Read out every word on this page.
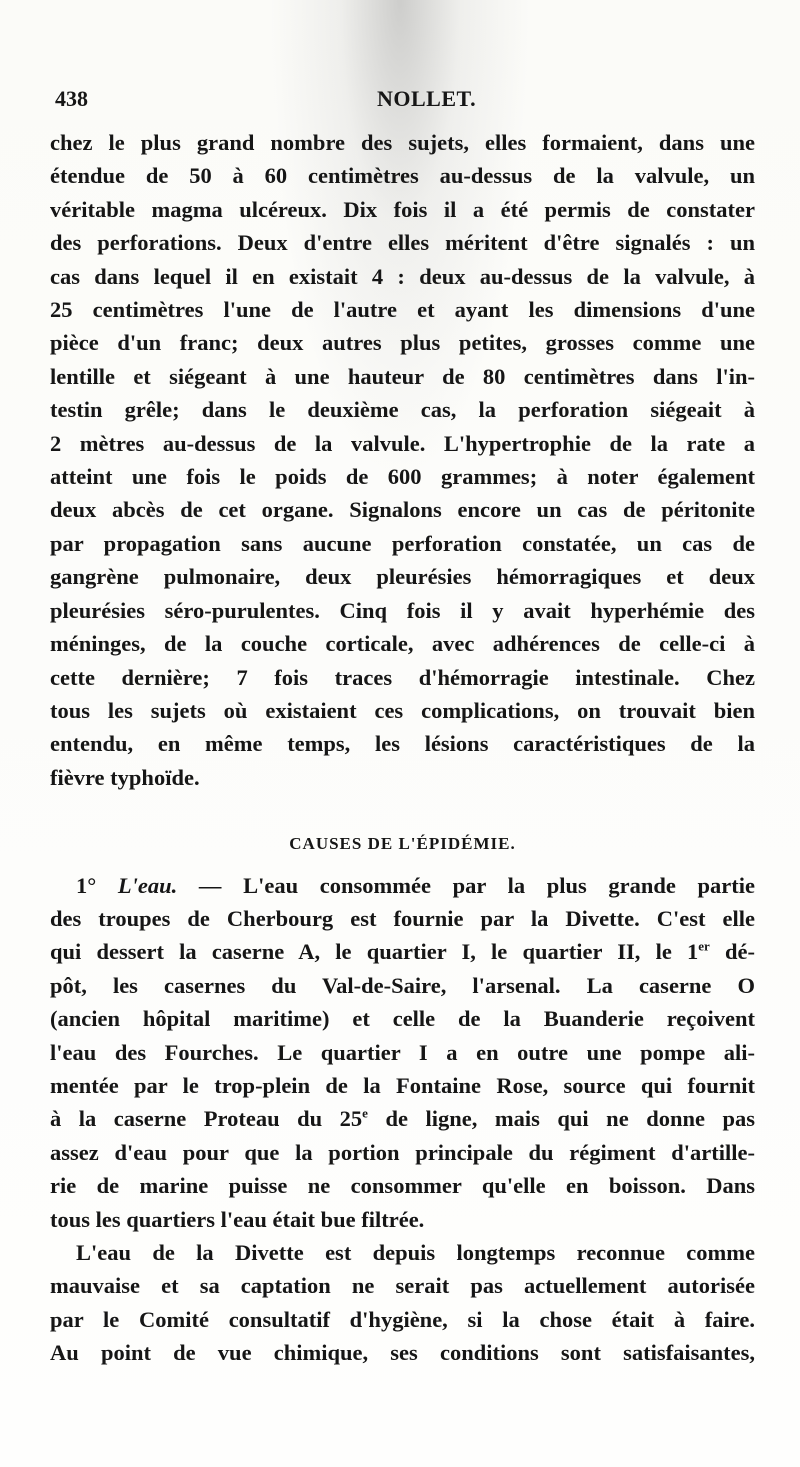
438	NOLLET.

chez le plus grand nombre des sujets, elles formaient, dans une

étendue de 50 à 60 centimètres au-dessus de la valvule, un

véritable magma ulcéreux. Dix fois il a été permis de constater

des perforations. Deux d'entre elles méritent d'être signalés : un

cas dans lequel il en existait 4 : deux au-dessus de la valvule, à

25 centimètres l'une de l'autre et ayant les dimensions d'une

pièce d'un franc; deux autres plus petites, grosses comme une

lentille et siégeant à une hauteur de 80 centimètres dans l'in-

testin grêle; dans le deuxième cas, la perforation siégeait à

2 mètres au-dessus de la valvule. L'hypertrophie de la rate a

atteint une fois le poids de 600 grammes; à noter également

deux abcès de cet organe. Signalons encore un cas de péritonite

par propagation sans aucune perforation constatée, un cas de

gangrène pulmonaire, deux pleurésies hémorragiques et deux

pleurésies séro-purulentes. Cinq fois il y avait hyperhémie des

méninges, de la couche corticale, avec adhérences de celle-ci à

cette dernière; 7 fois traces d'hémorragie intestinale. Chez

tous les sujets où existaient ces complications, on trouvait bien

entendu, en même temps, les lésions caractéristiques de la

fièvre typhoïde.

CAUSES DE L'ÉPIDÉMIE.

1° L'eau. — L'eau consommée par la plus grande partie

des troupes de Cherbourg est fournie par la Divette. C'est elle

qui dessert la caserne A, le quartier I, le quartier II, le 1er dé-

pôt, les casernes du Val-de-Saire, l'arsenal. La caserne O

(ancien hôpital maritime) et celle de la Buanderie reçoivent

l'eau des Fourches. Le quartier I a en outre une pompe ali-

mentée par le trop-plein de la Fontaine Rose, source qui fournit

à la caserne Proteau du 25e de ligne, mais qui ne donne pas

assez d'eau pour que la portion principale du régiment d'artille-

rie de marine puisse ne consommer qu'elle en boisson. Dans

tous les quartiers l'eau était bue filtrée.

L'eau de la Divette est depuis longtemps reconnue comme

mauvaise et sa captation ne serait pas actuellement autorisée

par le Comité consultatif d'hygiène, si la chose était à faire.

Au point de vue chimique, ses conditions sont satisfaisantes,
